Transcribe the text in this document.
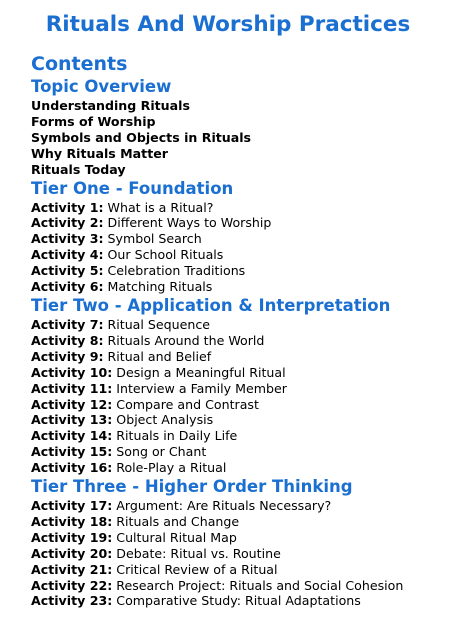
Rituals And Worship Practices
Contents
Topic Overview
Understanding Rituals
Forms of Worship
Symbols and Objects in Rituals
Why Rituals Matter
Rituals Today
Tier One - Foundation
Activity 1: What is a Ritual?
Activity 2: Different Ways to Worship
Activity 3: Symbol Search
Activity 4: Our School Rituals
Activity 5: Celebration Traditions
Activity 6: Matching Rituals
Tier Two - Application & Interpretation
Activity 7: Ritual Sequence
Activity 8: Rituals Around the World
Activity 9: Ritual and Belief
Activity 10: Design a Meaningful Ritual
Activity 11: Interview a Family Member
Activity 12: Compare and Contrast
Activity 13: Object Analysis
Activity 14: Rituals in Daily Life
Activity 15: Song or Chant
Activity 16: Role-Play a Ritual
Tier Three - Higher Order Thinking
Activity 17: Argument: Are Rituals Necessary?
Activity 18: Rituals and Change
Activity 19: Cultural Ritual Map
Activity 20: Debate: Ritual vs. Routine
Activity 21: Critical Review of a Ritual
Activity 22: Research Project: Rituals and Social Cohesion
Activity 23: Comparative Study: Ritual Adaptations
